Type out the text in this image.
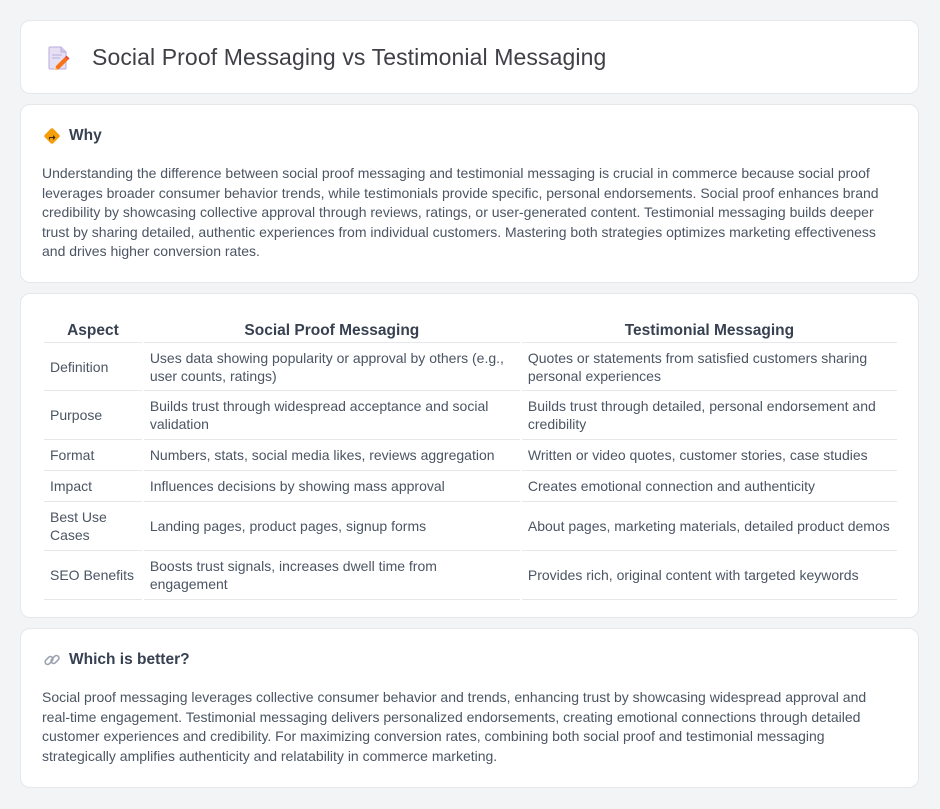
Social Proof Messaging vs Testimonial Messaging
Why

Understanding the difference between social proof messaging and testimonial messaging is crucial in commerce because social proof leverages broader consumer behavior trends, while testimonials provide specific, personal endorsements. Social proof enhances brand credibility by showcasing collective approval through reviews, ratings, or user-generated content. Testimonial messaging builds deeper trust by sharing detailed, authentic experiences from individual customers. Mastering both strategies optimizes marketing effectiveness and drives higher conversion rates.

Aspect	Social Proof Messaging	Testimonial Messaging
Definition	Uses data showing popularity or approval by others (e.g., user counts, ratings)	Quotes or statements from satisfied customers sharing personal experiences
Purpose	Builds trust through widespread acceptance and social validation	Builds trust through detailed, personal endorsement and credibility
Format	Numbers, stats, social media likes, reviews aggregation	Written or video quotes, customer stories, case studies
Impact	Influences decisions by showing mass approval	Creates emotional connection and authenticity
Best Use Cases	Landing pages, product pages, signup forms	About pages, marketing materials, detailed product demos
SEO Benefits	Boosts trust signals, increases dwell time from engagement	Provides rich, original content with targeted keywords
Which is better?

Social proof messaging leverages collective consumer behavior and trends, enhancing trust by showcasing widespread approval and real-time engagement. Testimonial messaging delivers personalized endorsements, creating emotional connections through detailed customer experiences and credibility. For maximizing conversion rates, combining both social proof and testimonial messaging strategically amplifies authenticity and relatability in commerce marketing.
